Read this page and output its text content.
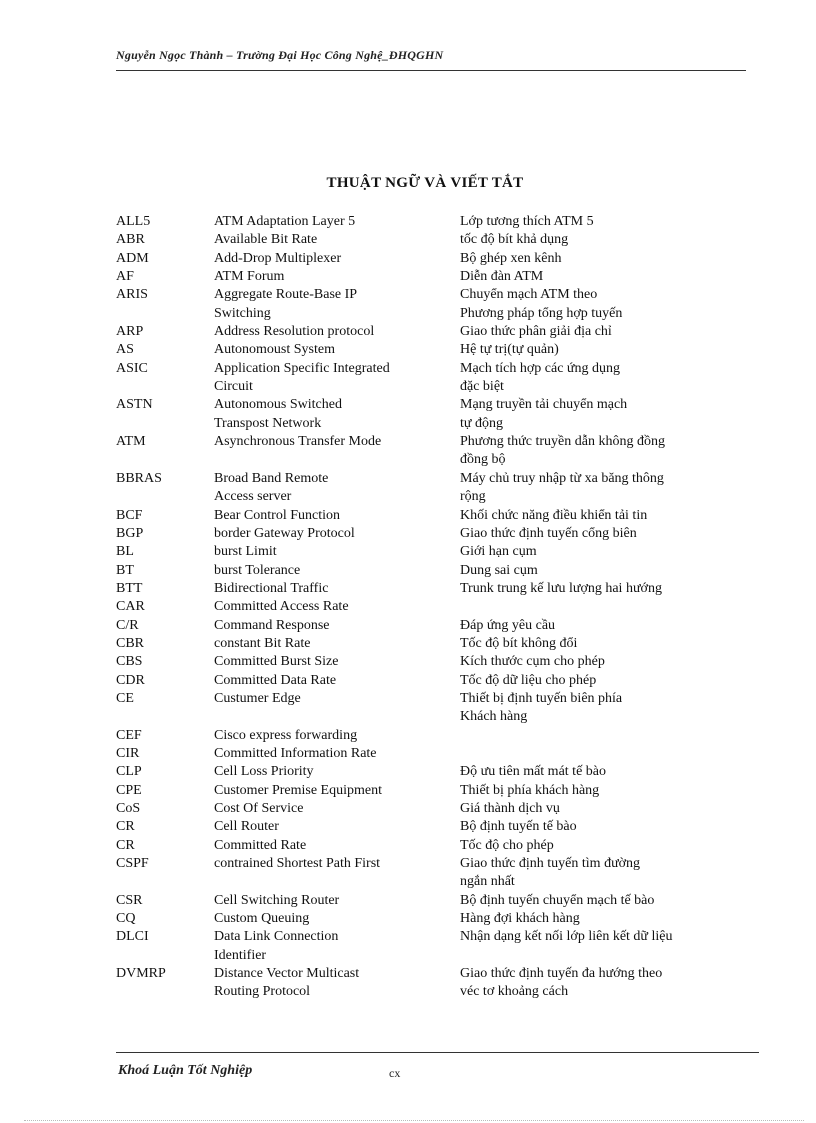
Nguyễn Ngọc Thành – Trường Đại Học Công Nghệ_ĐHQGHN
THUẬT NGỮ VÀ VIẾT TẮT
ALL5	ATM Adaptation Layer 5	Lớp tương thích ATM 5
ABR	Available Bit Rate	tốc độ bít khả dụng
ADM	Add-Drop Multiplexer	Bộ ghép xen kênh
AF	ATM Forum	Diễn đàn ATM
ARIS	Aggregate Route-Base IP	Chuyển mạch ATM theo
Switching	Phương pháp tổng hợp tuyến
ARP	Address Resolution protocol	Giao thức phân giải địa chỉ
AS	Autonomoust System	Hệ tự trị(tự quản)
ASIC	Application Specific Integrated	Mạch tích hợp các ứng dụng
Circuit	đặc biệt
ASTN	Autonomous Switched	Mạng truyền tải chuyển mạch
Transpost Network	tự động
ATM	Asynchronous Transfer Mode	Phương thức truyền dẫn không đồng
đồng bộ
BBRAS	Broad Band Remote	Máy chủ truy nhập từ xa băng thông
Access server	rộng
BCF	Bear Control Function	Khối chức năng điều khiển tải tin
BGP	border Gateway Protocol	Giao thức định tuyến cổng biên
BL	burst Limit	Giới hạn cụm
BT	burst Tolerance	Dung sai cụm
BTT	Bidirectional Traffic	Trunk trung kế lưu lượng hai hướng
CAR	Committed Access Rate
C/R	Command Response	Đáp ứng yêu cầu
CBR	constant Bit Rate	Tốc độ bít không đổi
CBS	Committed Burst Size	Kích thước cụm cho phép
CDR	Committed Data Rate	Tốc độ dữ liệu cho phép
CE	Custumer Edge	Thiết bị định tuyến biên phía
Khách hàng
CEF	Cisco express forwarding
CIR	Committed Information Rate
CLP	Cell Loss Priority	Độ ưu tiên mất mát tế bào
CPE	Customer Premise Equipment	Thiết bị phía khách hàng
CoS	Cost Of Service	Giá thành dịch vụ
CR	Cell Router	Bộ định tuyến tế bào
CR	Committed Rate	Tốc độ cho phép
CSPF	contrained Shortest Path First	Giao thức định tuyến tìm đường
ngắn nhất
CSR	Cell Switching Router	Bộ định tuyến chuyển mạch tế bào
CQ	Custom Queuing	Hàng đợi khách hàng
DLCI	Data Link Connection	Nhận dạng kết nối lớp liên kết dữ liệu
Identifier
DVMRP	Distance Vector Multicast	Giao thức định tuyến đa hướng theo
Routing Protocol	véc tơ khoảng cách
Khoá Luận Tốt Nghiệp	cx
